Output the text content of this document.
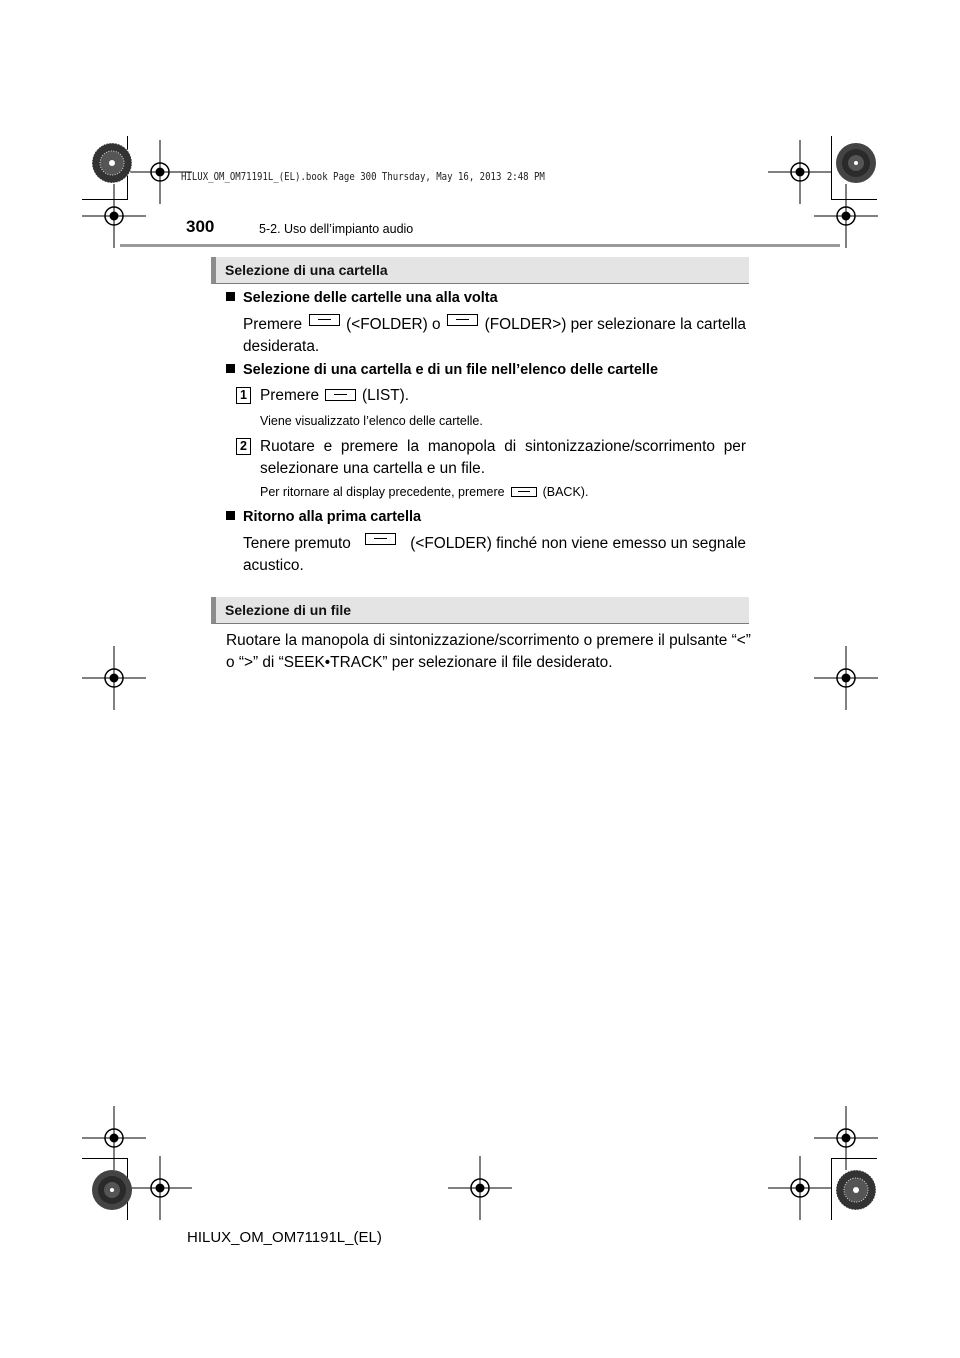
HILUX_OM_OM71191L_(EL).book Page 300 Thursday, May 16, 2013 2:48 PM
300	5-2. Uso dell’impianto audio
Selezione di una cartella
Selezione delle cartelle una alla volta
Premere	(<FOLDER) o	(FOLDER>) per selezionare la cartella
desiderata.
Selezione di una cartella e di un file nell’elenco delle cartelle
1 Premere	(LIST).
Viene visualizzato l’elenco delle cartelle.
2 Ruotare e premere la manopola di sintonizzazione/scorrimento per
selezionare una cartella e un file.
Per ritornare al display precedente, premere	(BACK).
Ritorno alla prima cartella
Tenere premuto	(<FOLDER) finché non viene emesso un segnale
acustico.
Selezione di un file
Ruotare la manopola di sintonizzazione/scorrimento o premere il pulsante “<”
o “>” di “SEEK•TRACK” per selezionare il file desiderato.
HILUX_OM_OM71191L_(EL)
